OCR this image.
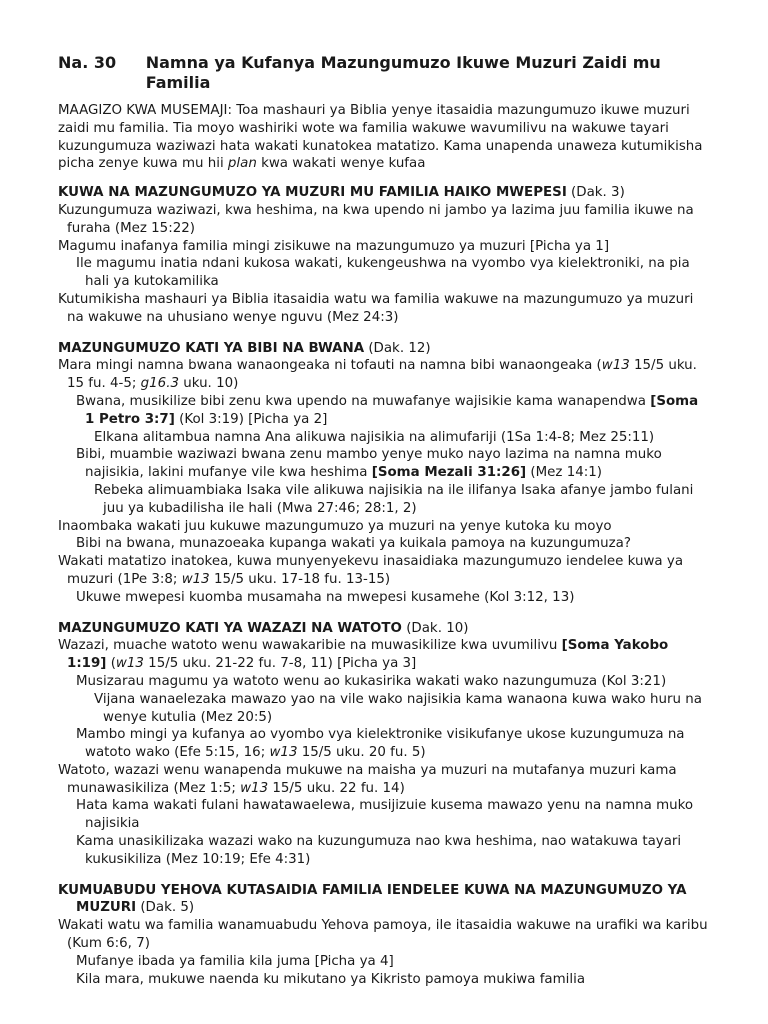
Na. 30	Namna ya Kufanya Mazungumuzo Ikuwe Muzuri Zaidi mu Familia
MAAGIZO KWA MUSEMAJI: Toa mashauri ya Biblia yenye itasaidia mazungumuzo ikuwe muzuri zaidi mu familia. Tia moyo washiriki wote wa familia wakuwe wavumilivu na wakuwe tayari kuzungumuza waziwazi hata wakati kunatokea matatizo. Kama unapenda unaweza kutumikisha picha zenye kuwa mu hii plan kwa wakati wenye kufaa
KUWA NA MAZUNGUMUZO YA MUZURI MU FAMILIA HAIKO MWEPESI (Dak. 3)
Kuzungumuza waziwazi, kwa heshima, na kwa upendo ni jambo ya lazima juu familia ikuwe na furaha (Mez 15:22)
Magumu inafanya familia mingi zisikuwe na mazungumuzo ya muzuri [Picha ya 1]
Ile magumu inatia ndani kukosa wakati, kukengeushwa na vyombo vya kielektroniki, na pia hali ya kutokamilika
Kutumikisha mashauri ya Biblia itasaidia watu wa familia wakuwe na mazungumuzo ya muzuri na wakuwe na uhusiano wenye nguvu (Mez 24:3)
MAZUNGUMUZO KATI YA BIBI NA BWANA (Dak. 12)
Mara mingi namna bwana wanaongeaka ni tofauti na namna bibi wanaongeaka (w13 15/5 uku. 15 fu. 4-5; g16.3 uku. 10)
Bwana, musikilize bibi zenu kwa upendo na muwafanye wajisikie kama wanapendwa [Soma 1 Petro 3:7] (Kol 3:19) [Picha ya 2]
Elkana alitambua namna Ana alikuwa najisikia na alimufariji (1Sa 1:4-8; Mez 25:11)
Bibi, muambie waziwazi bwana zenu mambo yenye muko nayo lazima na namna muko najisikia, lakini mufanye vile kwa heshima [Soma Mezali 31:26] (Mez 14:1)
Rebeka alimuambiaka Isaka vile alikuwa najisikia na ile ilifanya Isaka afanye jambo fulani juu ya kubadilisha ile hali (Mwa 27:46; 28:1, 2)
Inaombaka wakati juu kukuwe mazungumuzo ya muzuri na yenye kutoka ku moyo
Bibi na bwana, munazoeaka kupanga wakati ya kuikala pamoya na kuzungumuza?
Wakati matatizo inatokea, kuwa munyenyekevu inasaidiaka mazungumuzo iendelee kuwa ya muzuri (1Pe 3:8; w13 15/5 uku. 17-18 fu. 13-15)
Ukuwe mwepesi kuomba musamaha na mwepesi kusamehe (Kol 3:12, 13)
MAZUNGUMUZO KATI YA WAZAZI NA WATOTO (Dak. 10)
Wazazi, muache watoto wenu wawakaribie na muwasikilize kwa uvumilivu [Soma Yakobo 1:19] (w13 15/5 uku. 21-22 fu. 7-8, 11) [Picha ya 3]
Musizarau magumu ya watoto wenu ao kukasirika wakati wako nazungumuza (Kol 3:21)
Vijana wanaelezaka mawazo yao na vile wako najisikia kama wanaona kuwa wako huru na wenye kutulia (Mez 20:5)
Mambo mingi ya kufanya ao vyombo vya kielektronike visikufanye ukose kuzungumuza na watoto wako (Efe 5:15, 16; w13 15/5 uku. 20 fu. 5)
Watoto, wazazi wenu wanapenda mukuwe na maisha ya muzuri na mutafanya muzuri kama munawasikiliza (Mez 1:5; w13 15/5 uku. 22 fu. 14)
Hata kama wakati fulani hawatawaelewa, musijizuie kusema mawazo yenu na namna muko najisikia
Kama unasikilizaka wazazi wako na kuzungumuza nao kwa heshima, nao watakuwa tayari kukusikiliza (Mez 10:19; Efe 4:31)
KUMUABUDU YEHOVA KUTASAIDIA FAMILIA IENDELEE KUWA NA MAZUNGUMUZO YA MUZURI (Dak. 5)
Wakati watu wa familia wanamuabudu Yehova pamoya, ile itasaidia wakuwe na urafiki wa karibu (Kum 6:6, 7)
Mufanye ibada ya familia kila juma [Picha ya 4]
Kila mara, mukuwe naenda ku mikutano ya Kikristo pamoya mukiwa familia
